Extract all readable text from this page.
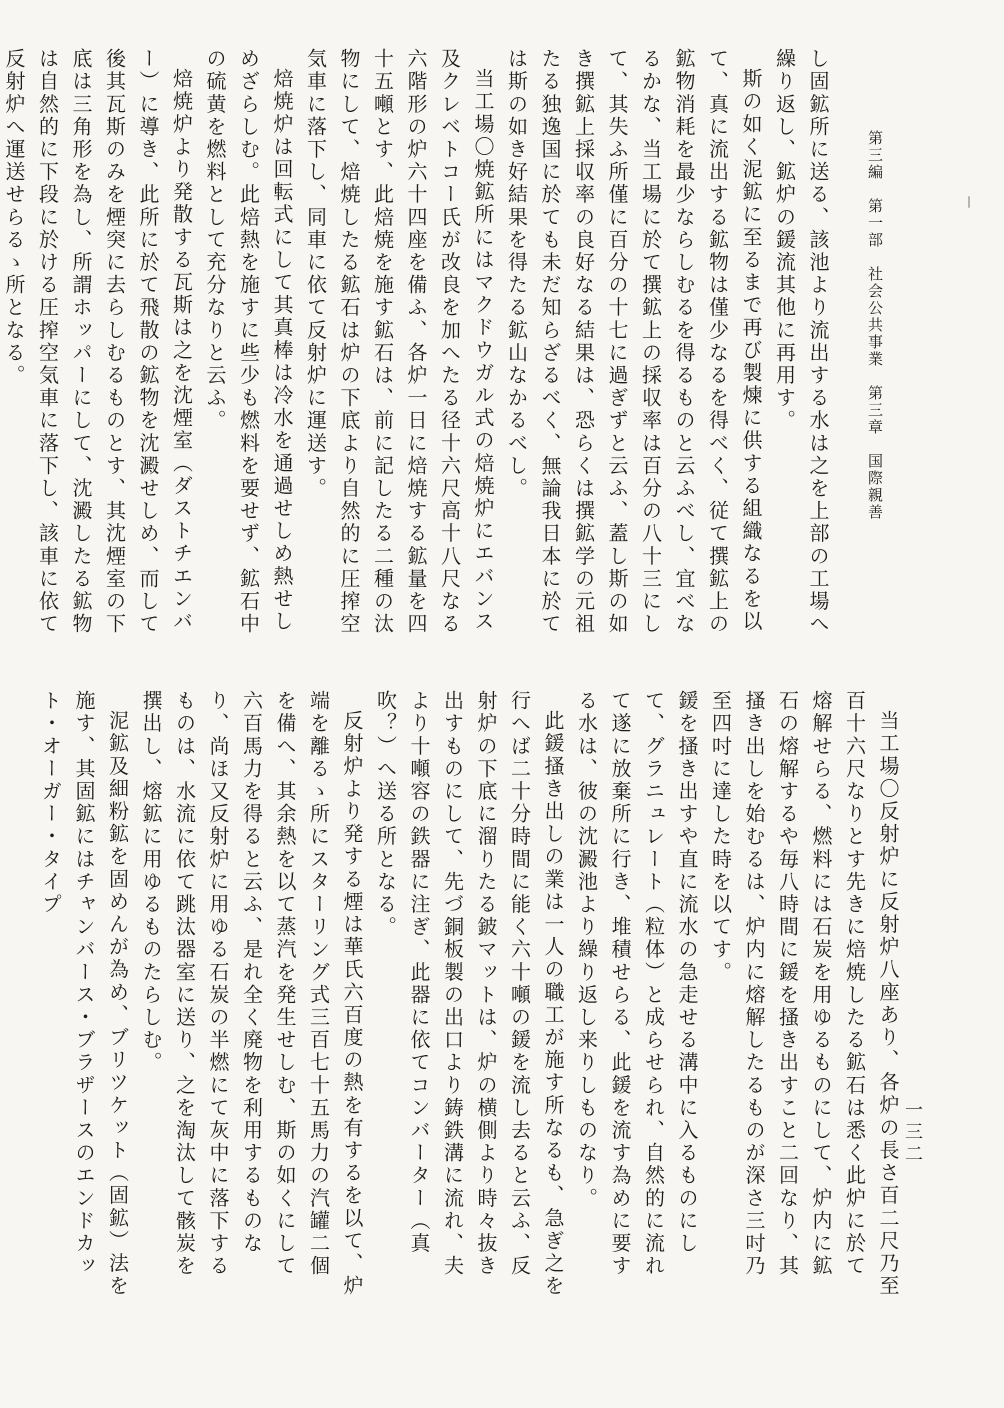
第三編　第一部　社会公共事業　第三章　国際親善

し固鉱所に送る、該池より流出する水は之を上部の工場へ繰り返し、鉱炉の鍰流其他に再用す。

斯の如く泥鉱に至るまで再び製煉に供する組織なるを以て、真に流出する鉱物は僅少なるを得べく、従て撰鉱上の鉱物消耗を最少ならしむるを得るものと云ふべし、宜べなるかな、当工場に於て撰鉱上の採収率は百分の八十三にして、其失ふ所僅に百分の十七に過ぎずと云ふ、蓋し斯の如き撰鉱上採収率の良好なる結果は、恐らくは撰鉱学の元祖たる独逸国に於ても未だ知らざるべく、無論我日本に於ては斯の如き好結果を得たる鉱山なかるべし。

当工場〇焼鉱所にはマクドウガル式の焙焼炉にエバンス及クレベトコー氏が改良を加へたる径十六尺高十八尺なる六階形の炉六十四座を備ふ、各炉一日に焙焼する鉱量を四十五噸とす、此焙焼を施す鉱石は、前に記したる二種の汰物にして、焙焼したる鉱石は炉の下底より自然的に圧搾空気車に落下し、同車に依て反射炉に運送す。

焙焼炉は回転式にして其真棒は冷水を通過せしめ熱せしめざらしむ。此焙熱を施すに些少も燃料を要せず、鉱石中の硫黄を燃料として充分なりと云ふ。

焙焼炉より発散する瓦斯は之を沈煙室（ダストチエンバー）に導き、此所に於て飛散の鉱物を沈澱せしめ、而して後其瓦斯のみを煙突に去らしむるものとす、其沈煙室の下底は三角形を為し、所謂ホッパーにして、沈澱したる鉱物は自然的に下段に於ける圧搾空気車に落下し、該車に依て反射炉へ運送せらるゝ所となる。

一三二

当工場〇反射炉に反射炉八座あり、各炉の長さ百二尺乃至百十六尺なりとす先きに焙焼したる鉱石は悉く此炉に於て熔解せらる、燃料には石炭を用ゆるものにして、炉内に鉱石の熔解するや毎八時間に鍰を搔き出すこと二回なり、其搔き出しを始むるは、炉内に熔解したるものが深さ三吋乃至四吋に達した時を以てす。

鍰を搔き出すや直に流水の急走せる溝中に入るものにして、グラニュレート（粒体）と成らせられ、自然的に流れて遂に放棄所に行き、堆積せらる、此鍰を流す為めに要する水は、彼の沈澱池より繰り返し来りしものなり。

此鍰搔き出しの業は一人の職工が施す所なるも、急ぎ之を行へば二十分時間に能く六十噸の鍰を流し去ると云ふ、反射炉の下底に溜りたる鈹マットは、炉の横側より時々抜き出すものにして、先づ銅板製の出口より鋳鉄溝に流れ、夫より十噸容の鉄器に注ぎ、此器に依てコンバーター（真吹？）へ送る所となる。

反射炉より発する煙は華氏六百度の熱を有するを以て、炉端を離るゝ所にスターリング式三百七十五馬力の汽罐二個を備へ、其余熱を以て蒸汽を発生せしむ、斯の如くにして六百馬力を得ると云ふ、是れ全く廃物を利用するものなり、尚ほ又反射炉に用ゆる石炭の半燃にて灰中に落下するものは、水流に依て跳汰器室に送り、之を淘汰して骸炭を撰出し、熔鉱に用ゆるものたらしむ。

泥鉱及細粉鉱を固めんが為め、ブリツケット（固鉱）法を施す、其固鉱にはチャンバース・ブラザースのエンドカット・オーガー・タイプ
